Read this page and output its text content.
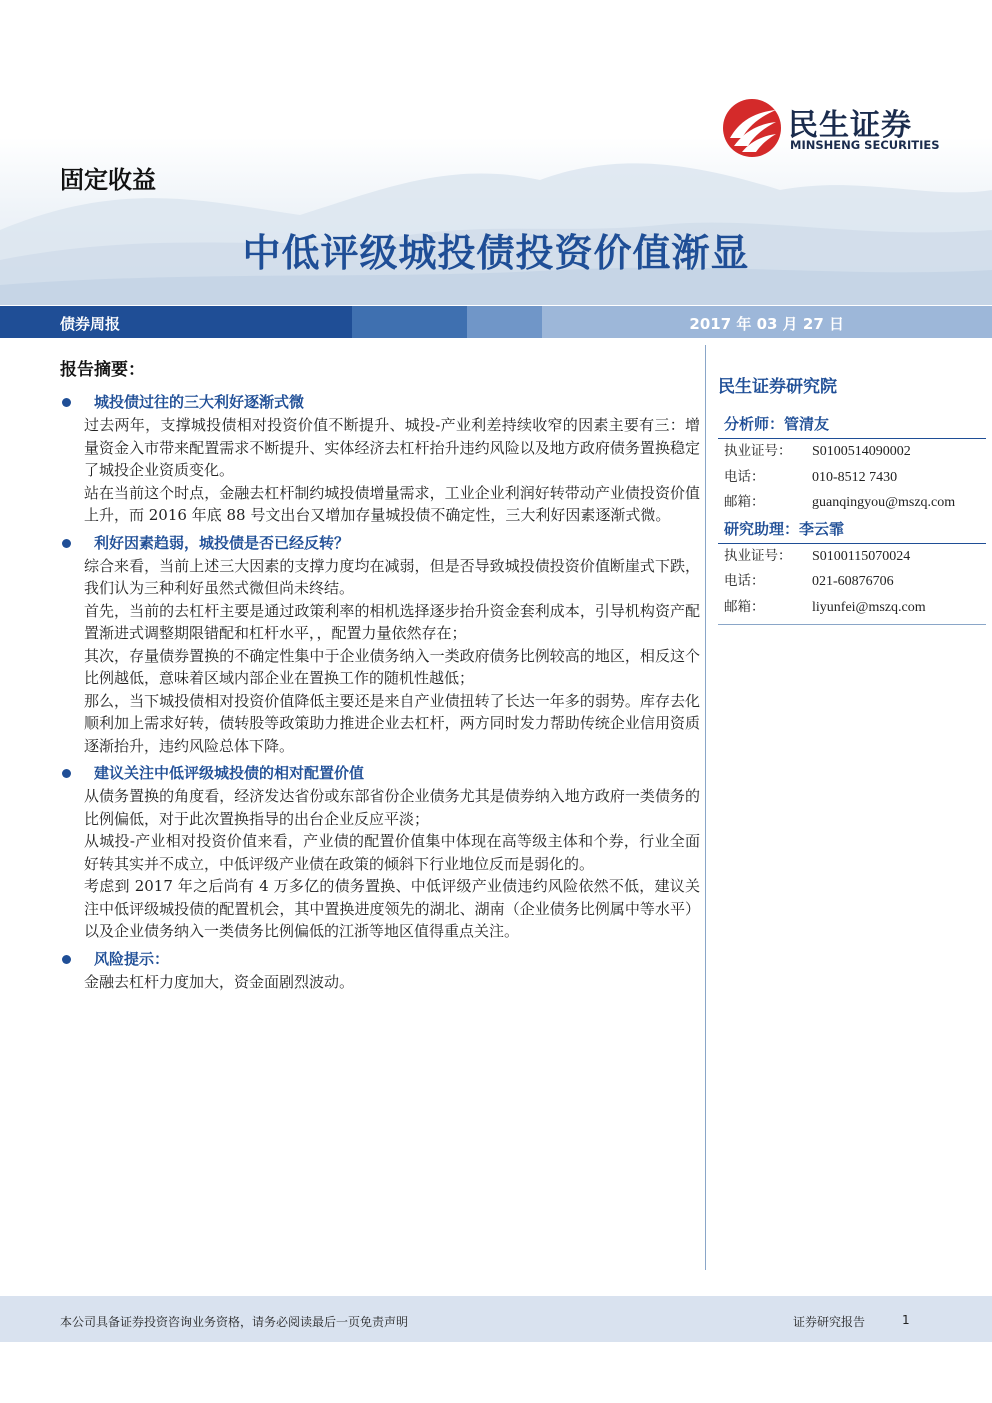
民生证券
MINSHENG SECURITIES
固定收益
中低评级城投债投资价值渐显
债券周报	2017 年 03 月 27 日
报告摘要：
城投债过往的三大利好逐渐式微
过去两年，支撑城投债相对投资价值不断提升、城投-产业利差持续收窄的因素主要有三：增量资金入市带来配置需求不断提升、实体经济去杠杆抬升违约风险以及地方政府债务置换稳定了城投企业资质变化。
站在当前这个时点，金融去杠杆制约城投债增量需求，工业企业利润好转带动产业债投资价值上升，而 2016 年底 88 号文出台又增加存量城投债不确定性，三大利好因素逐渐式微。
利好因素趋弱，城投债是否已经反转？
综合来看，当前上述三大因素的支撑力度均在减弱，但是否导致城投债投资价值断崖式下跌，我们认为三种利好虽然式微但尚未终结。
首先，当前的去杠杆主要是通过政策利率的相机选择逐步抬升资金套利成本，引导机构资产配置渐进式调整期限错配和杠杆水平，，配置力量依然存在；
其次，存量债券置换的不确定性集中于企业债务纳入一类政府债务比例较高的地区，相反这个比例越低，意味着区域内部企业在置换工作的随机性越低；
那么，当下城投债相对投资价值降低主要还是来自产业债扭转了长达一年多的弱势。库存去化顺利加上需求好转，债转股等政策助力推进企业去杠杆，两方同时发力帮助传统企业信用资质逐渐抬升，违约风险总体下降。
建议关注中低评级城投债的相对配置价值
从债务置换的角度看，经济发达省份或东部省份企业债务尤其是债券纳入地方政府一类债务的比例偏低，对于此次置换指导的出台企业反应平淡；
从城投-产业相对投资价值来看，产业债的配置价值集中体现在高等级主体和个券，行业全面好转其实并不成立，中低评级产业债在政策的倾斜下行业地位反而是弱化的。
考虑到 2017 年之后尚有 4 万多亿的债务置换、中低评级产业债违约风险依然不低，建议关注中低评级城投债的配置机会，其中置换进度领先的湖北、湖南（企业债务比例属中等水平）以及企业债务纳入一类债务比例偏低的江浙等地区值得重点关注。
风险提示：
金融去杠杆力度加大，资金面剧烈波动。
民生证券研究院
分析师：管清友
执业证号：	S0100514090002
电话：	010-8512 7430
邮箱：	guanqingyou@mszq.com
研究助理：李云霏
执业证号：	S0100115070024
电话：	021-60876706
邮箱：	liyunfei@mszq.com
本公司具备证券投资咨询业务资格，请务必阅读最后一页免责声明	证券研究报告	1
